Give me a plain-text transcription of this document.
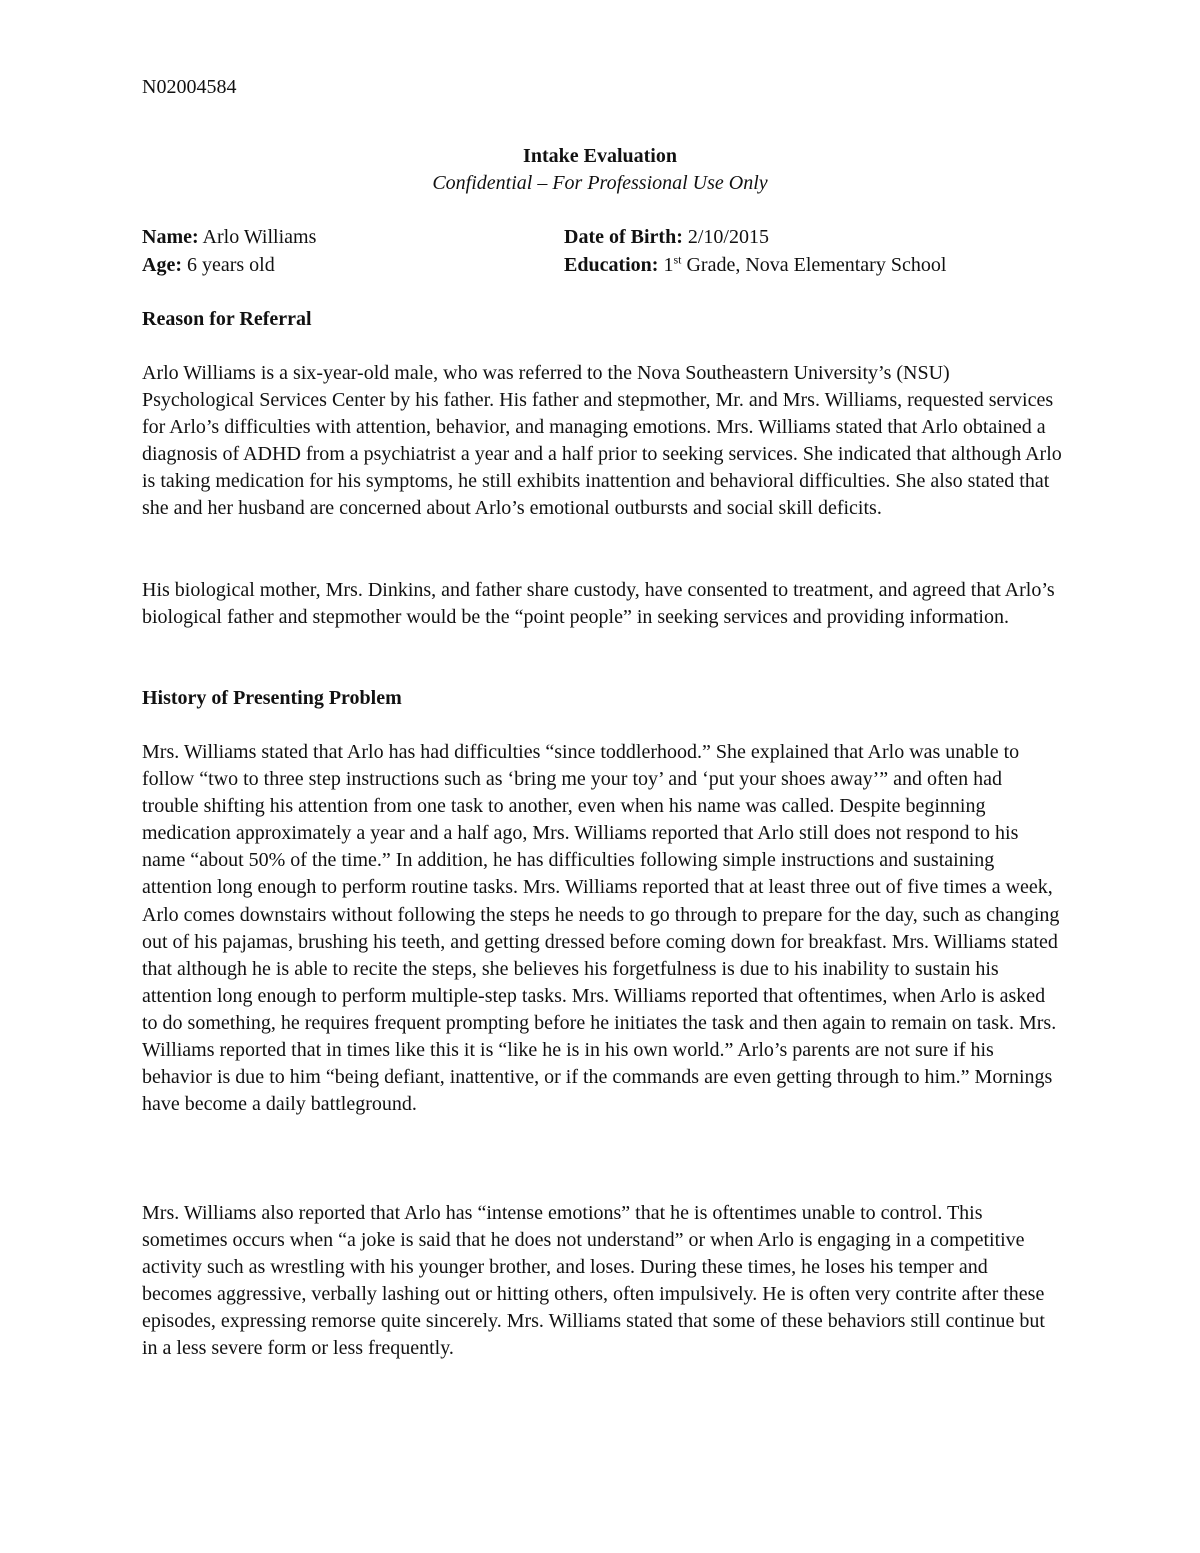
N02004584
Intake Evaluation
Confidential – For Professional Use Only
Name: Arlo Williams	Date of Birth: 2/10/2015
Age: 6 years old	Education: 1st Grade, Nova Elementary School
Reason for Referral

Arlo Williams is a six-year-old male, who was referred to the Nova Southeastern University’s (NSU) Psychological Services Center by his father. His father and stepmother, Mr. and Mrs. Williams, requested services for Arlo’s difficulties with attention, behavior, and managing emotions. Mrs. Williams stated that Arlo obtained a diagnosis of ADHD from a psychiatrist a year and a half prior to seeking services. She indicated that although Arlo is taking medication for his symptoms, he still exhibits inattention and behavioral difficulties. She also stated that she and her husband are concerned about Arlo’s emotional outbursts and social skill deficits.

His biological mother, Mrs. Dinkins, and father share custody, have consented to treatment, and agreed that Arlo’s biological father and stepmother would be the “point people” in seeking services and providing information.

History of Presenting Problem

Mrs. Williams stated that Arlo has had difficulties “since toddlerhood.” She explained that Arlo was unable to follow “two to three step instructions such as ‘bring me your toy’ and ‘put your shoes away’” and often had trouble shifting his attention from one task to another, even when his name was called. Despite beginning medication approximately a year and a half ago, Mrs. Williams reported that Arlo still does not respond to his name “about 50% of the time.” In addition, he has difficulties following simple instructions and sustaining attention long enough to perform routine tasks. Mrs. Williams reported that at least three out of five times a week, Arlo comes downstairs without following the steps he needs to go through to prepare for the day, such as changing out of his pajamas, brushing his teeth, and getting dressed before coming down for breakfast. Mrs. Williams stated that although he is able to recite the steps, she believes his forgetfulness is due to his inability to sustain his attention long enough to perform multiple-step tasks. Mrs. Williams reported that oftentimes, when Arlo is asked to do something, he requires frequent prompting before he initiates the task and then again to remain on task. Mrs. Williams reported that in times like this it is “like he is in his own world.” Arlo’s parents are not sure if his behavior is due to him “being defiant, inattentive, or if the commands are even getting through to him.” Mornings have become a daily battleground.

Mrs. Williams also reported that Arlo has “intense emotions” that he is oftentimes unable to control. This sometimes occurs when “a joke is said that he does not understand” or when Arlo is engaging in a competitive activity such as wrestling with his younger brother, and loses. During these times, he loses his temper and becomes aggressive, verbally lashing out or hitting others, often impulsively. He is often very contrite after these episodes, expressing remorse quite sincerely. Mrs. Williams stated that some of these behaviors still continue but in a less severe form or less frequently.
